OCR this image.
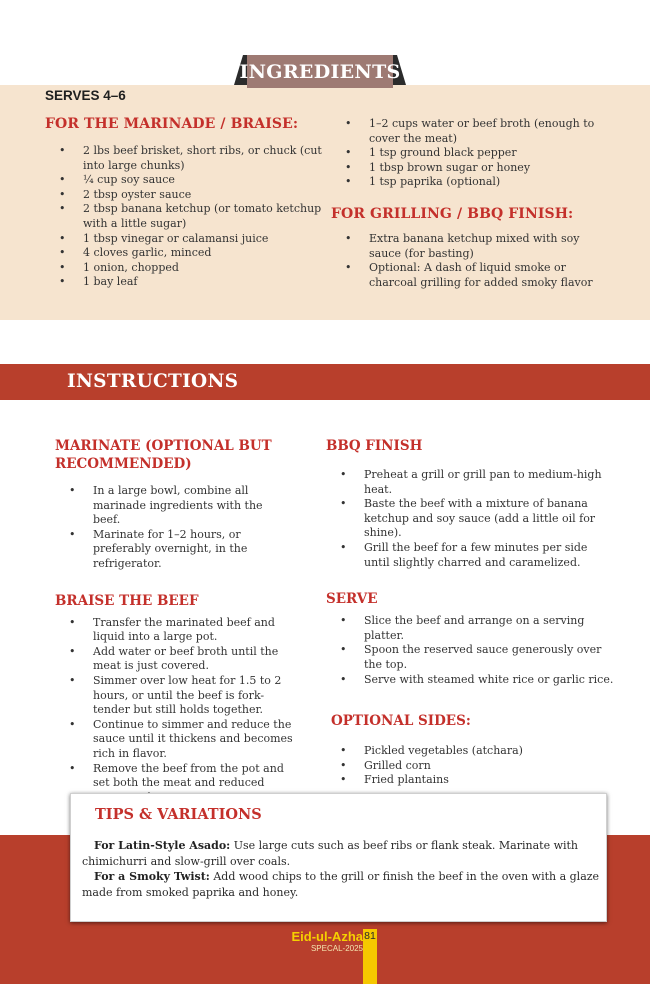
INGREDIENTS
SERVES 4–6
FOR THE MARINADE / BRAISE:
• 2 lbs beef brisket, short ribs, or chuck (cut into large chunks)
• ¼ cup soy sauce
• 2 tbsp oyster sauce
• 2 tbsp banana ketchup (or tomato ketchup with a little sugar)
• 1 tbsp vinegar or calamansi juice
• 4 cloves garlic, minced
• 1 onion, chopped
• 1 bay leaf
• 1–2 cups water or beef broth (enough to cover the meat)
• 1 tsp ground black pepper
• 1 tbsp brown sugar or honey
• 1 tsp paprika (optional)
FOR GRILLING / BBQ FINISH:
• Extra banana ketchup mixed with soy sauce (for basting)
• Optional: A dash of liquid smoke or charcoal grilling for added smoky flavor
INSTRUCTIONS
MARINATE (OPTIONAL BUT RECOMMENDED)
• In a large bowl, combine all marinade ingredients with the beef.
• Marinate for 1–2 hours, or preferably overnight, in the refrigerator.
BRAISE THE BEEF
• Transfer the marinated beef and liquid into a large pot.
• Add water or beef broth until the meat is just covered.
• Simmer over low heat for 1.5 to 2 hours, or until the beef is fork-tender but still holds together.
• Continue to simmer and reduce the sauce until it thickens and becomes rich in flavor.
• Remove the beef from the pot and set both the meat and reduced
BBQ FINISH
• Preheat a grill or grill pan to medium-high heat.
• Baste the beef with a mixture of banana ketchup and soy sauce (add a little oil for shine).
• Grill the beef for a few minutes per side until slightly charred and caramelized.
SERVE
• Slice the beef and arrange on a serving platter.
• Spoon the reserved sauce generously over the top.
• Serve with steamed white rice or garlic rice.
OPTIONAL SIDES:
• Pickled vegetables (atchara)
• Grilled corn
• Fried plantains
TIPS & VARIATIONS
For Latin-Style Asado: Use large cuts such as beef ribs or flank steak. Marinate with chimichurri and slow-grill over coals.
For a Smoky Twist: Add wood chips to the grill or finish the beef in the oven with a glaze made from smoked paprika and honey.
Eid-ul-Azha
SPECAL-2025
81
